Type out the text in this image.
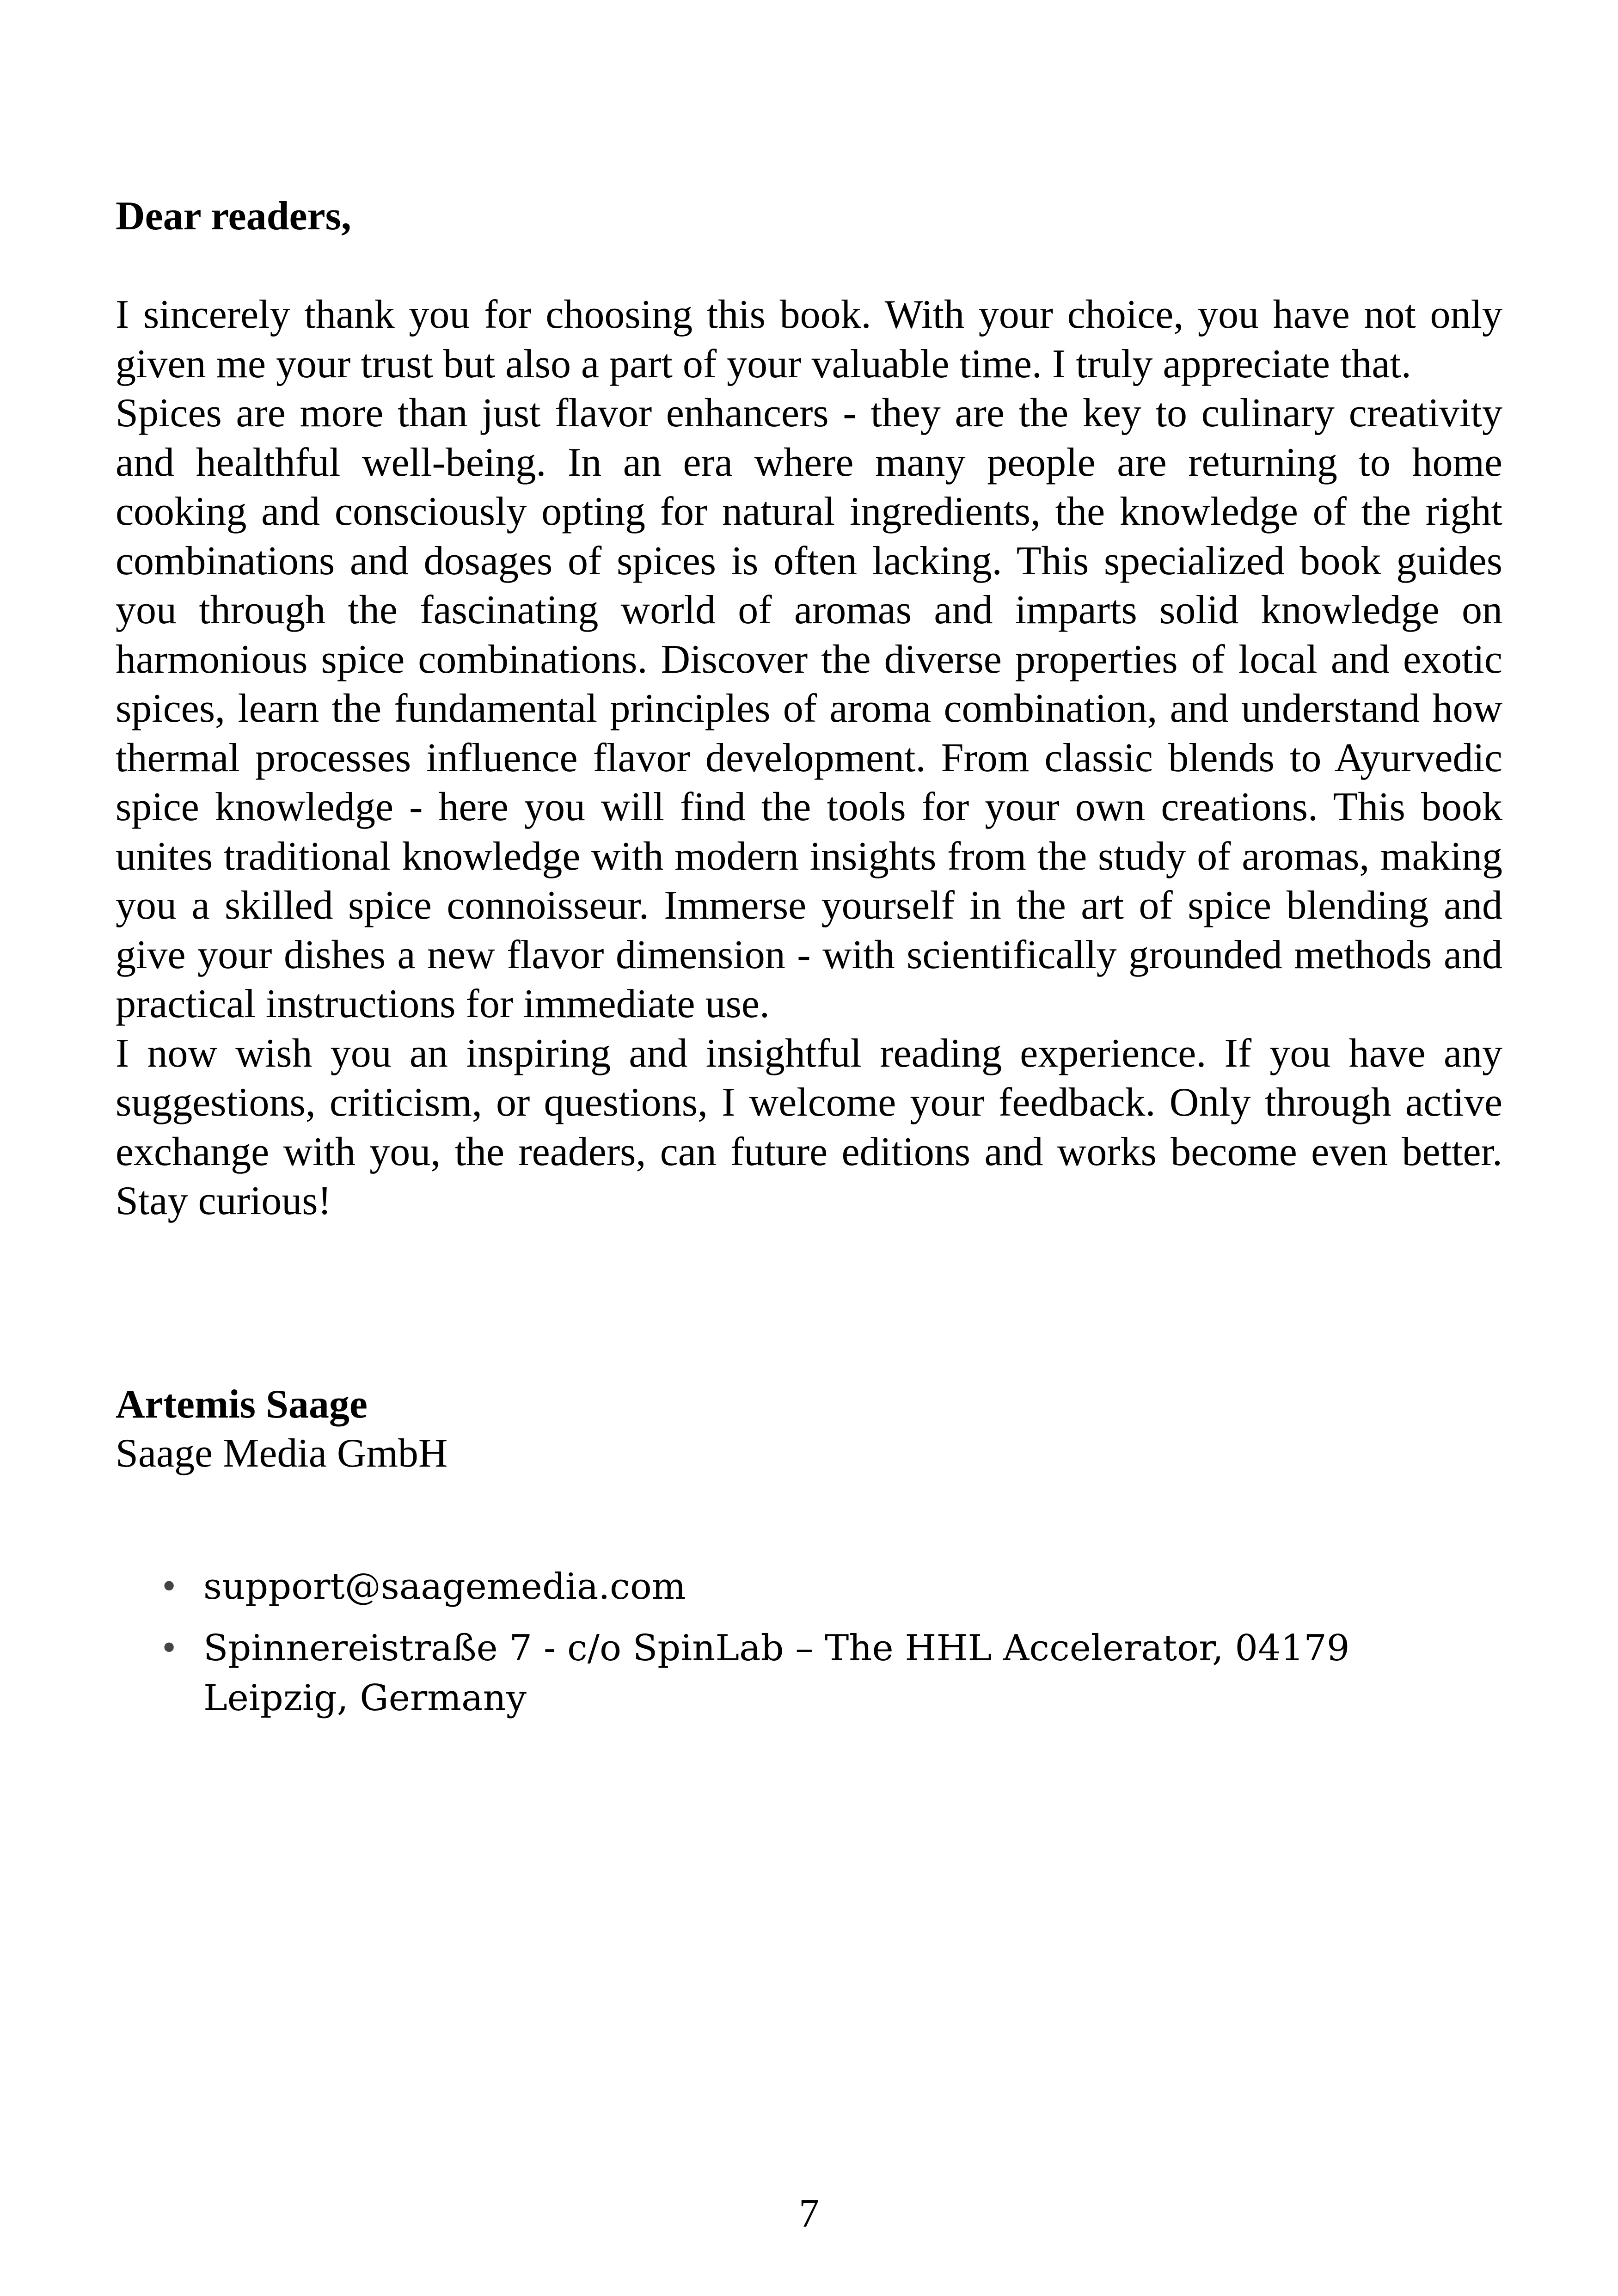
Dear readers,

I sincerely thank you for choosing this book. With your choice, you have not only given me your trust but also a part of your valuable time. I truly appreciate that.

Spices are more than just flavor enhancers - they are the key to culinary creativity and healthful well-being. In an era where many people are returning to home cooking and consciously opting for natural ingredients, the knowledge of the right combinations and dosages of spices is often lacking. This specialized book guides you through the fascinating world of aromas and imparts solid knowledge on harmonious spice combinations. Discover the diverse properties of local and exotic spices, learn the fundamental principles of aroma combination, and understand how thermal processes influence flavor development. From classic blends to Ayurvedic spice knowledge - here you will find the tools for your own creations. This book unites traditional knowledge with modern insights from the study of aromas, making you a skilled spice connoisseur. Immerse yourself in the art of spice blending and give your dishes a new flavor dimension - with scientifically grounded methods and practical instructions for immediate use.

I now wish you an inspiring and insightful reading experience. If you have any suggestions, criticism, or questions, I welcome your feedback. Only through active exchange with you, the readers, can future editions and works become even better. Stay curious!

Artemis Saage

Saage Media GmbH

• support@saagemedia.com
• Spinnereistraße 7 - c/o SpinLab – The HHL Accelerator, 04179 Leipzig, Germany

7
